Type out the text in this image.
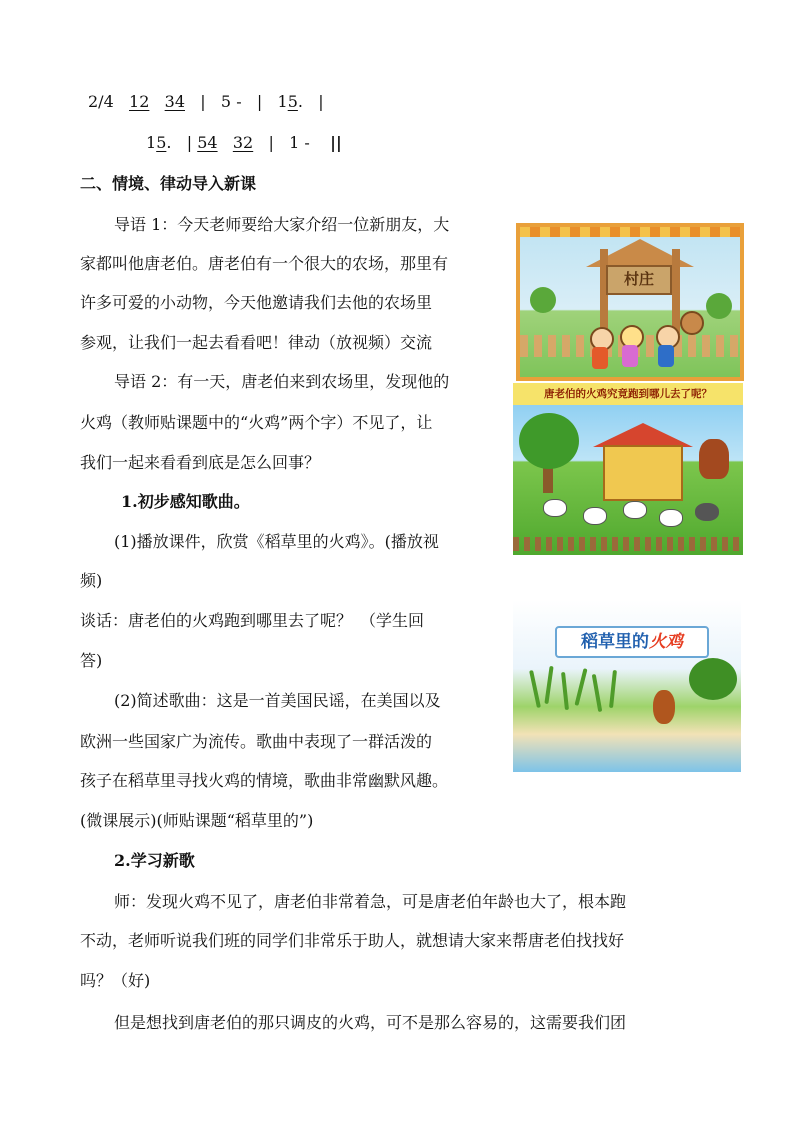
2/4 12 34 | 5 - | 15. |
15. | 54 32 | 1 - ||
二、情境、律动导入新课
导语 1：今天老师要给大家介绍一位新朋友，大
家都叫他唐老伯。唐老伯有一个很大的农场，那里有
许多可爱的小动物，今天他邀请我们去他的农场里
参观，让我们一起去看看吧！律动（放视频）交流
导语 2：有一天，唐老伯来到农场里，发现他的
火鸡（教师贴课题中的“火鸡”两个字）不见了，让
我们一起来看看到底是怎么回事？
1.初步感知歌曲。
(1)播放课件，欣赏《稻草里的火鸡》。(播放视
频)
谈话：唐老伯的火鸡跑到哪里去了呢？　（学生回
答)
(2)简述歌曲：这是一首美国民谣，在美国以及
欧洲一些国家广为流传。歌曲中表现了一群活泼的
孩子在稻草里寻找火鸡的情境，歌曲非常幽默风趣。
(微课展示)(师贴课题“稻草里的”)
2.学习新歌
师：发现火鸡不见了，唐老伯非常着急，可是唐老伯年龄也大了，根本跑
不动，老师听说我们班的同学们非常乐于助人，就想请大家来帮唐老伯找找好
吗？（好)
但是想找到唐老伯的那只调皮的火鸡，可不是那么容易的，这需要我们团
村庄
唐老伯的火鸡究竟跑到哪儿去了呢？
稻草里的火鸡
